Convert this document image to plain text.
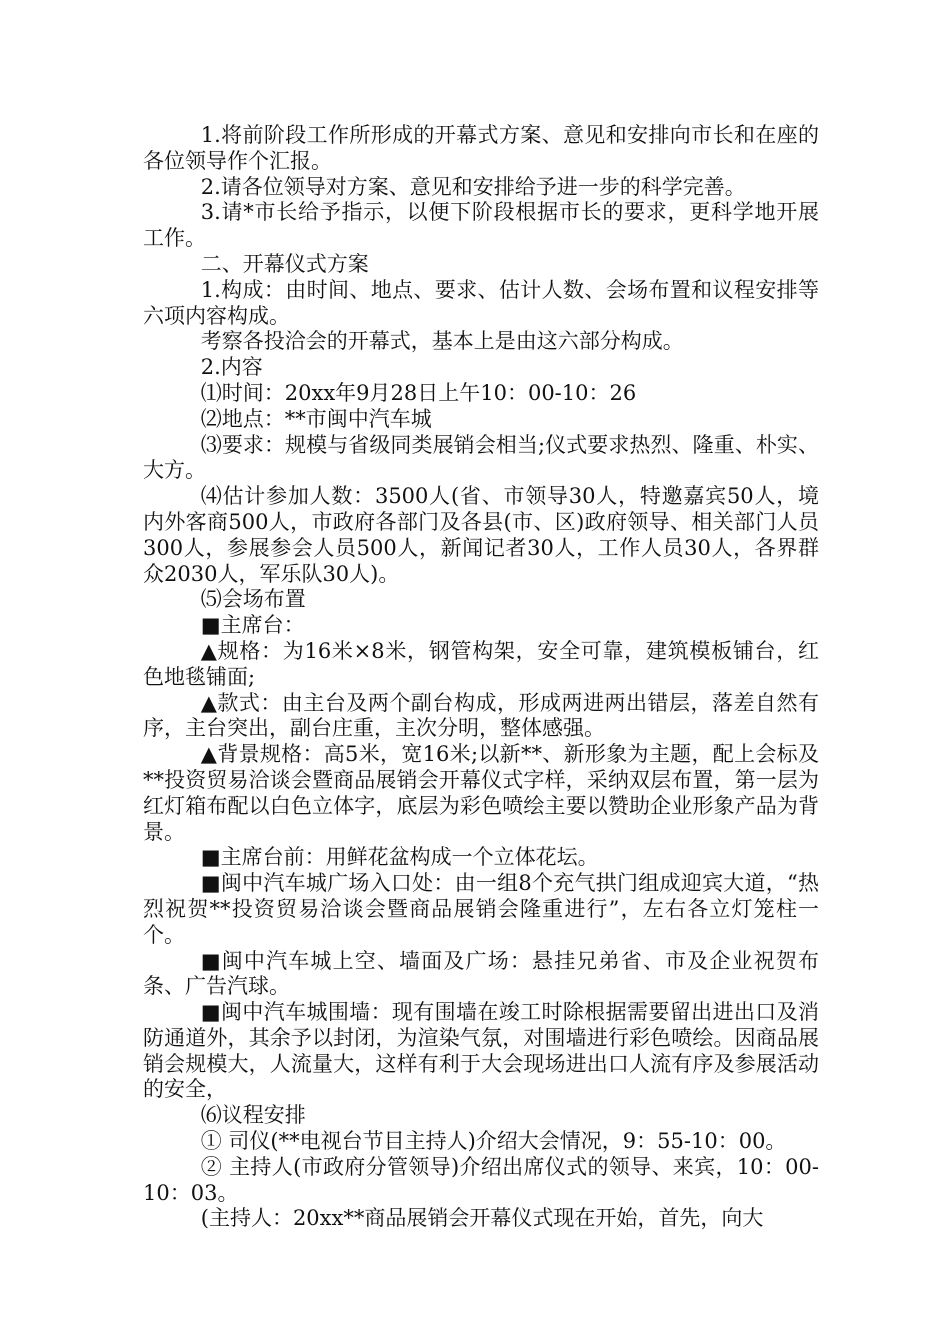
1.将前阶段工作所形成的开幕式方案、意见和安排向市长和在座的各位领导作个汇报。

2.请各位领导对方案、意见和安排给予进一步的科学完善。

3.请*市长给予指示，以便下阶段根据市长的要求，更科学地开展工作。

二、开幕仪式方案

1.构成：由时间、地点、要求、估计人数、会场布置和议程安排等六项内容构成。

考察各投洽会的开幕式，基本上是由这六部分构成。

2.内容

⑴时间：20xx年9月28日上午10：00-10：26

⑵地点：**市闽中汽车城

⑶要求：规模与省级同类展销会相当;仪式要求热烈、隆重、朴实、大方。

⑷估计参加人数：3500人(省、市领导30人，特邀嘉宾50人，境内外客商500人，市政府各部门及各县(市、区)政府领导、相关部门人员300人，参展参会人员500人，新闻记者30人，工作人员30人，各界群众2030人，军乐队30人)。

⑸会场布置

■主席台：

▲规格：为16米×8米，钢管构架，安全可靠，建筑模板铺台，红色地毯铺面;

▲款式：由主台及两个副台构成，形成两进两出错层，落差自然有序，主台突出，副台庄重，主次分明，整体感强。

▲背景规格：高5米，宽16米;以新**、新形象为主题，配上会标及**投资贸易洽谈会暨商品展销会开幕仪式字样，采纳双层布置，第一层为红灯箱布配以白色立体字，底层为彩色喷绘主要以赞助企业形象产品为背景。

■主席台前：用鲜花盆构成一个立体花坛。

■闽中汽车城广场入口处：由一组8个充气拱门组成迎宾大道，“热烈祝贺**投资贸易洽谈会暨商品展销会隆重进行”，左右各立灯笼柱一个。

■闽中汽车城上空、墙面及广场：悬挂兄弟省、市及企业祝贺布条、广告汽球。

■闽中汽车城围墙：现有围墙在竣工时除根据需要留出进出口及消防通道外，其余予以封闭，为渲染气氛，对围墙进行彩色喷绘。因商品展销会规模大，人流量大，这样有利于大会现场进出口人流有序及参展活动的安全，

⑹议程安排

① 司仪(**电视台节目主持人)介绍大会情况，9：55-10：00。

② 主持人(市政府分管领导)介绍出席仪式的领导、来宾，10：00-10：03。

(主持人：20xx**商品展销会开幕仪式现在开始，首先，向大
